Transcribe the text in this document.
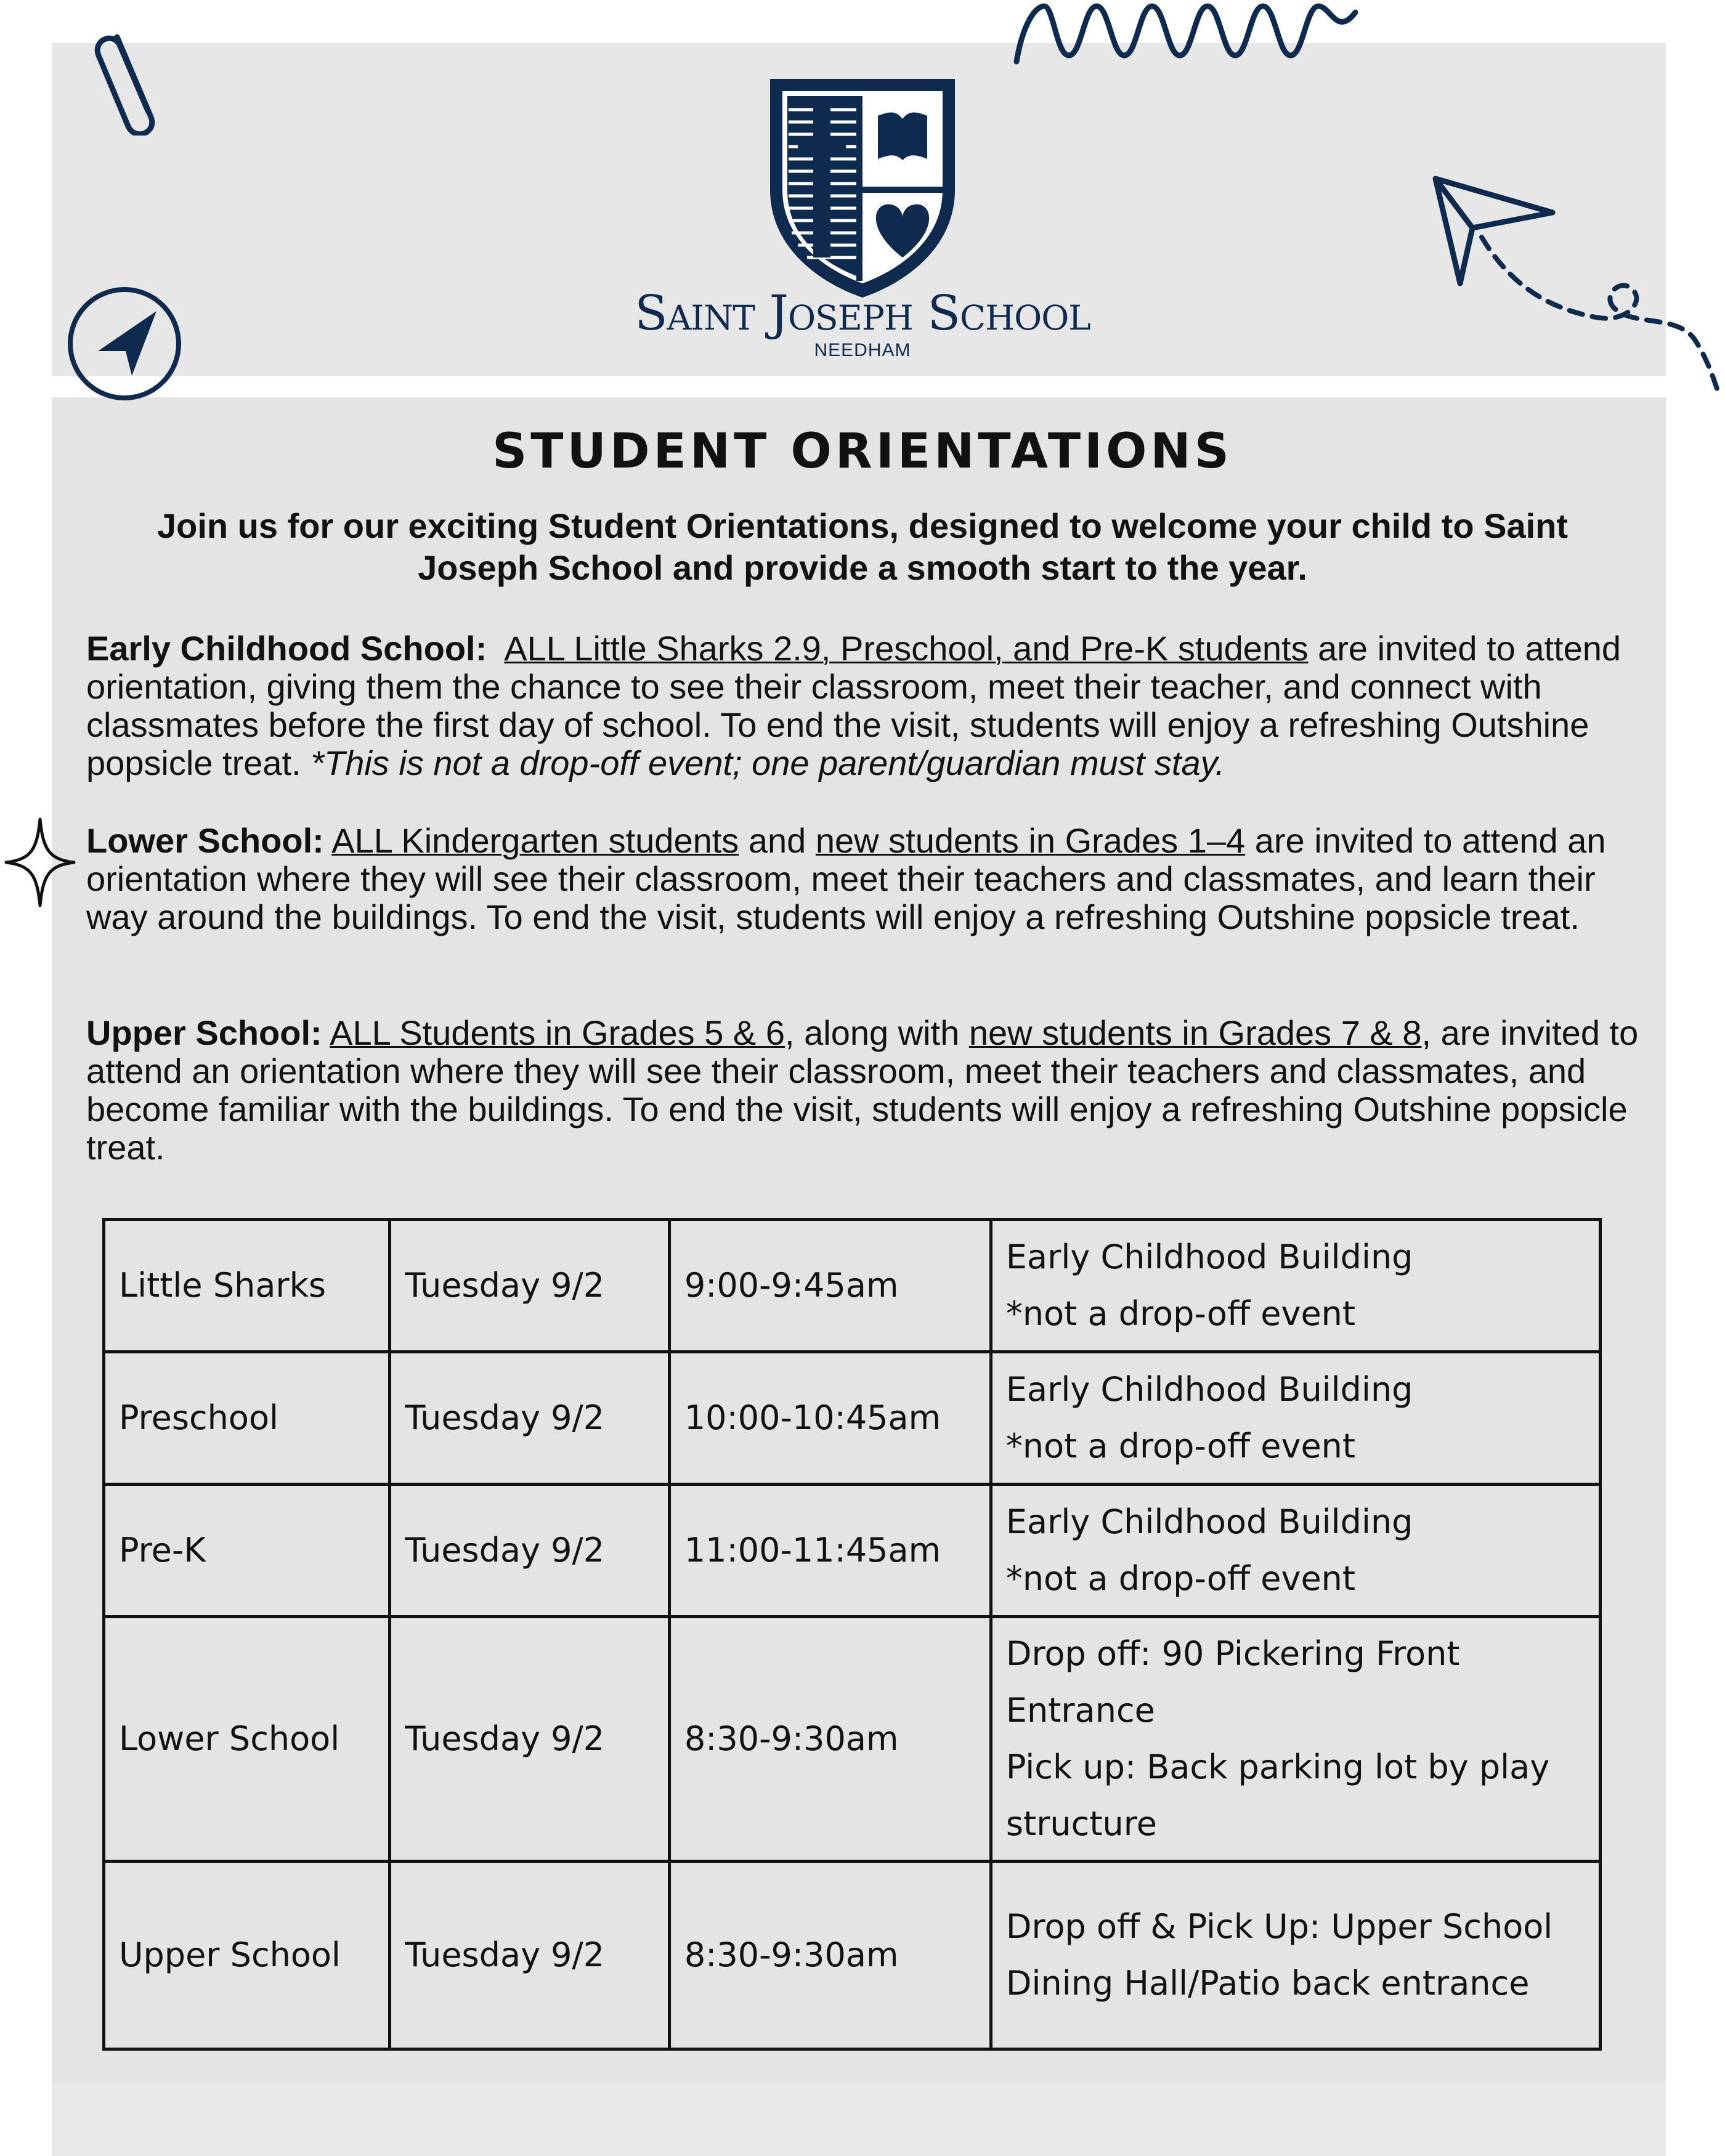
Saint Joseph School
NEEDHAM
STUDENT ORIENTATIONS
Join us for our exciting Student Orientations, designed to welcome your child to Saint Joseph School and provide a smooth start to the year.
Early Childhood School: ALL Little Sharks 2.9, Preschool, and Pre-K students are invited to attend orientation, giving them the chance to see their classroom, meet their teacher, and connect with classmates before the first day of school. To end the visit, students will enjoy a refreshing Outshine popsicle treat. *This is not a drop-off event; one parent/guardian must stay.
Lower School: ALL Kindergarten students and new students in Grades 1–4 are invited to attend an orientation where they will see their classroom, meet their teachers and classmates, and learn their way around the buildings. To end the visit, students will enjoy a refreshing Outshine popsicle treat.
Upper School: ALL Students in Grades 5 & 6, along with new students in Grades 7 & 8, are invited to attend an orientation where they will see their classroom, meet their teachers and classmates, and become familiar with the buildings. To end the visit, students will enjoy a refreshing Outshine popsicle treat.
Little Sharks	Tuesday 9/2	9:00-9:45am	Early Childhood Building
*not a drop-off event

Preschool	Tuesday 9/2	10:00-10:45am	Early Childhood Building
*not a drop-off event

Pre-K	Tuesday 9/2	11:00-11:45am	Early Childhood Building
*not a drop-off event

Lower School	Tuesday 9/2	8:30-9:30am	Drop off: 90 Pickering Front Entrance
Pick up: Back parking lot by play structure

Upper School	Tuesday 9/2	8:30-9:30am	Drop off & Pick Up: Upper School Dining Hall/Patio back entrance
